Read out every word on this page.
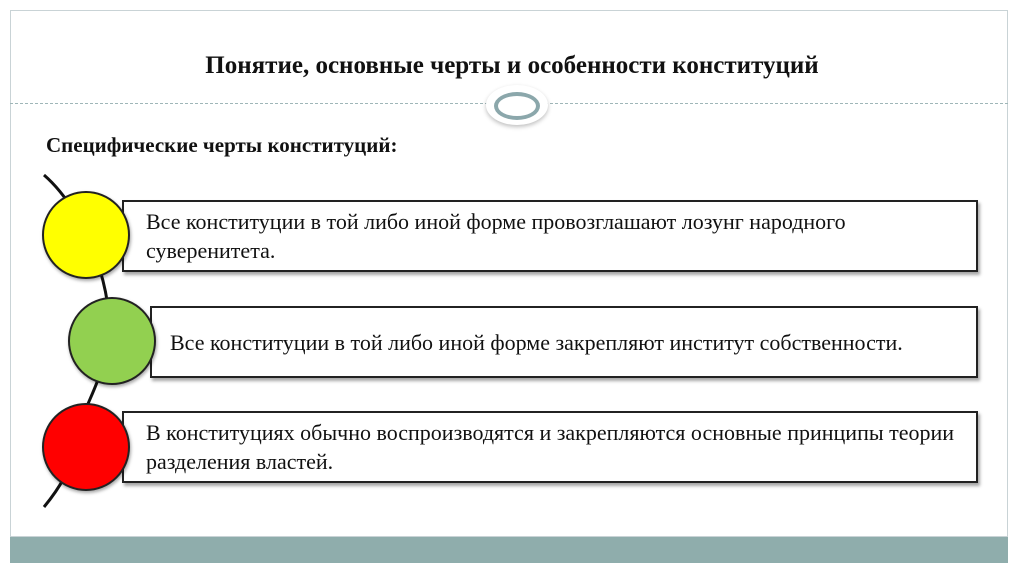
Понятие, основные черты и особенности конституций
Специфические черты конституций:
Все конституции в той либо иной форме провозглашают лозунг народного суверенитета.
Все конституции в той либо иной форме закрепляют институт собственности.
В конституциях обычно воспроизводятся и закрепляются основные принципы теории разделения властей.
